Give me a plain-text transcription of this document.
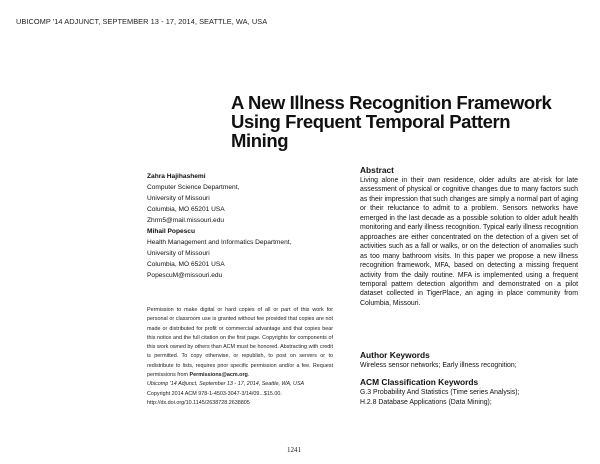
UBICOMP '14 ADJUNCT, SEPTEMBER 13 - 17, 2014, SEATTLE, WA, USA
A New Illness Recognition Framework
Using Frequent Temporal Pattern
Mining
Zahra Hajihashemi
Computer Science Department,
University of Missouri
Columbia, MO 65201 USA
Zhrm5@mail.missouri.edu
Mihail Popescu
Health Management and Informatics Department,
University of Missouri
Columbia, MO 65201 USA
PopescuM@missouri.edu
Permission to make digital or hard copies of all or part of this work for personal or classroom use is granted without fee provided that copies are not made or distributed for profit or commercial advantage and that copies bear this notice and the full citation on the first page. Copyrights for components of this work owned by others than ACM must be honored. Abstracting with credit is permitted. To copy otherwise, or republish, to post on servers or to redistribute to lists, requires prior specific permission and/or a fee. Request permissions from Permissions@acm.org.
Ubicomp '14 Adjunct, September 13 - 17, 2014, Seattle, WA, USA
Copyright 2014 ACM 978-1-4503-3047-3/14/09...$15.00.
http://dx.doi.org/10.1145/2638728.2638805
Abstract
Living alone in their own residence, older adults are at-risk for late assessment of physical or cognitive changes due to many factors such as their impression that such changes are simply a normal part of aging or their reluctance to admit to a problem. Sensors networks have emerged in the last decade as a possible solution to older adult health monitoring and early illness recognition. Typical early illness recognition approaches are either concentrated on the detection of a given set of activities such as a fall or walks, or on the detection of anomalies such as too many bathroom visits. In this paper we propose a new illness recognition framework, MFA, based on detecting a missing frequent activity from the daily routine. MFA is implemented using a frequent temporal pattern detection algorithm and demonstrated on a pilot dataset collected in TigerPlace, an aging in place community from Columbia, Missouri.
Author Keywords
Wireless sensor networks; Early illness recognition;
ACM Classification Keywords
G.3 Probability And Statistics (Time series Analysis);
H.2.8 Database Applications (Data Mining);
1241
